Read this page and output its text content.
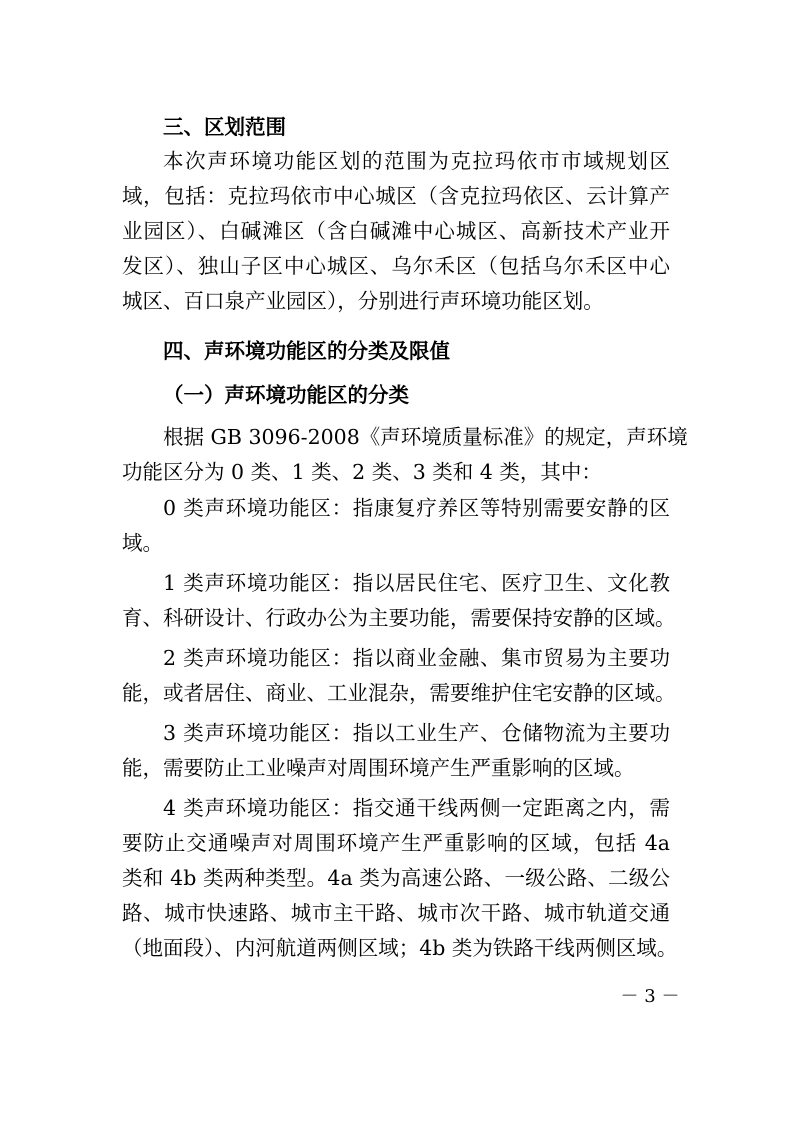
三、区划范围
本次声环境功能区划的范围为克拉玛依市市域规划区
域，包括：克拉玛依市中心城区（含克拉玛依区、云计算产
业园区）、白碱滩区（含白碱滩中心城区、高新技术产业开
发区）、独山子区中心城区、乌尔禾区（包括乌尔禾区中心
城区、百口泉产业园区），分别进行声环境功能区划。
四、声环境功能区的分类及限值
（一）声环境功能区的分类
根据 GB 3096-2008《声环境质量标准》的规定，声环境
功能区分为 0 类、1 类、2 类、3 类和 4 类，其中：
0 类声环境功能区：指康复疗养区等特别需要安静的区
域。
1 类声环境功能区：指以居民住宅、医疗卫生、文化教
育、科研设计、行政办公为主要功能，需要保持安静的区域。
2 类声环境功能区：指以商业金融、集市贸易为主要功
能，或者居住、商业、工业混杂，需要维护住宅安静的区域。
3 类声环境功能区：指以工业生产、仓储物流为主要功
能，需要防止工业噪声对周围环境产生严重影响的区域。
4 类声环境功能区：指交通干线两侧一定距离之内，需
要防止交通噪声对周围环境产生严重影响的区域，包括 4a
类和 4b 类两种类型。4a 类为高速公路、一级公路、二级公
路、城市快速路、城市主干路、城市次干路、城市轨道交通
（地面段）、内河航道两侧区域；4b 类为铁路干线两侧区域。
－ 3 －
